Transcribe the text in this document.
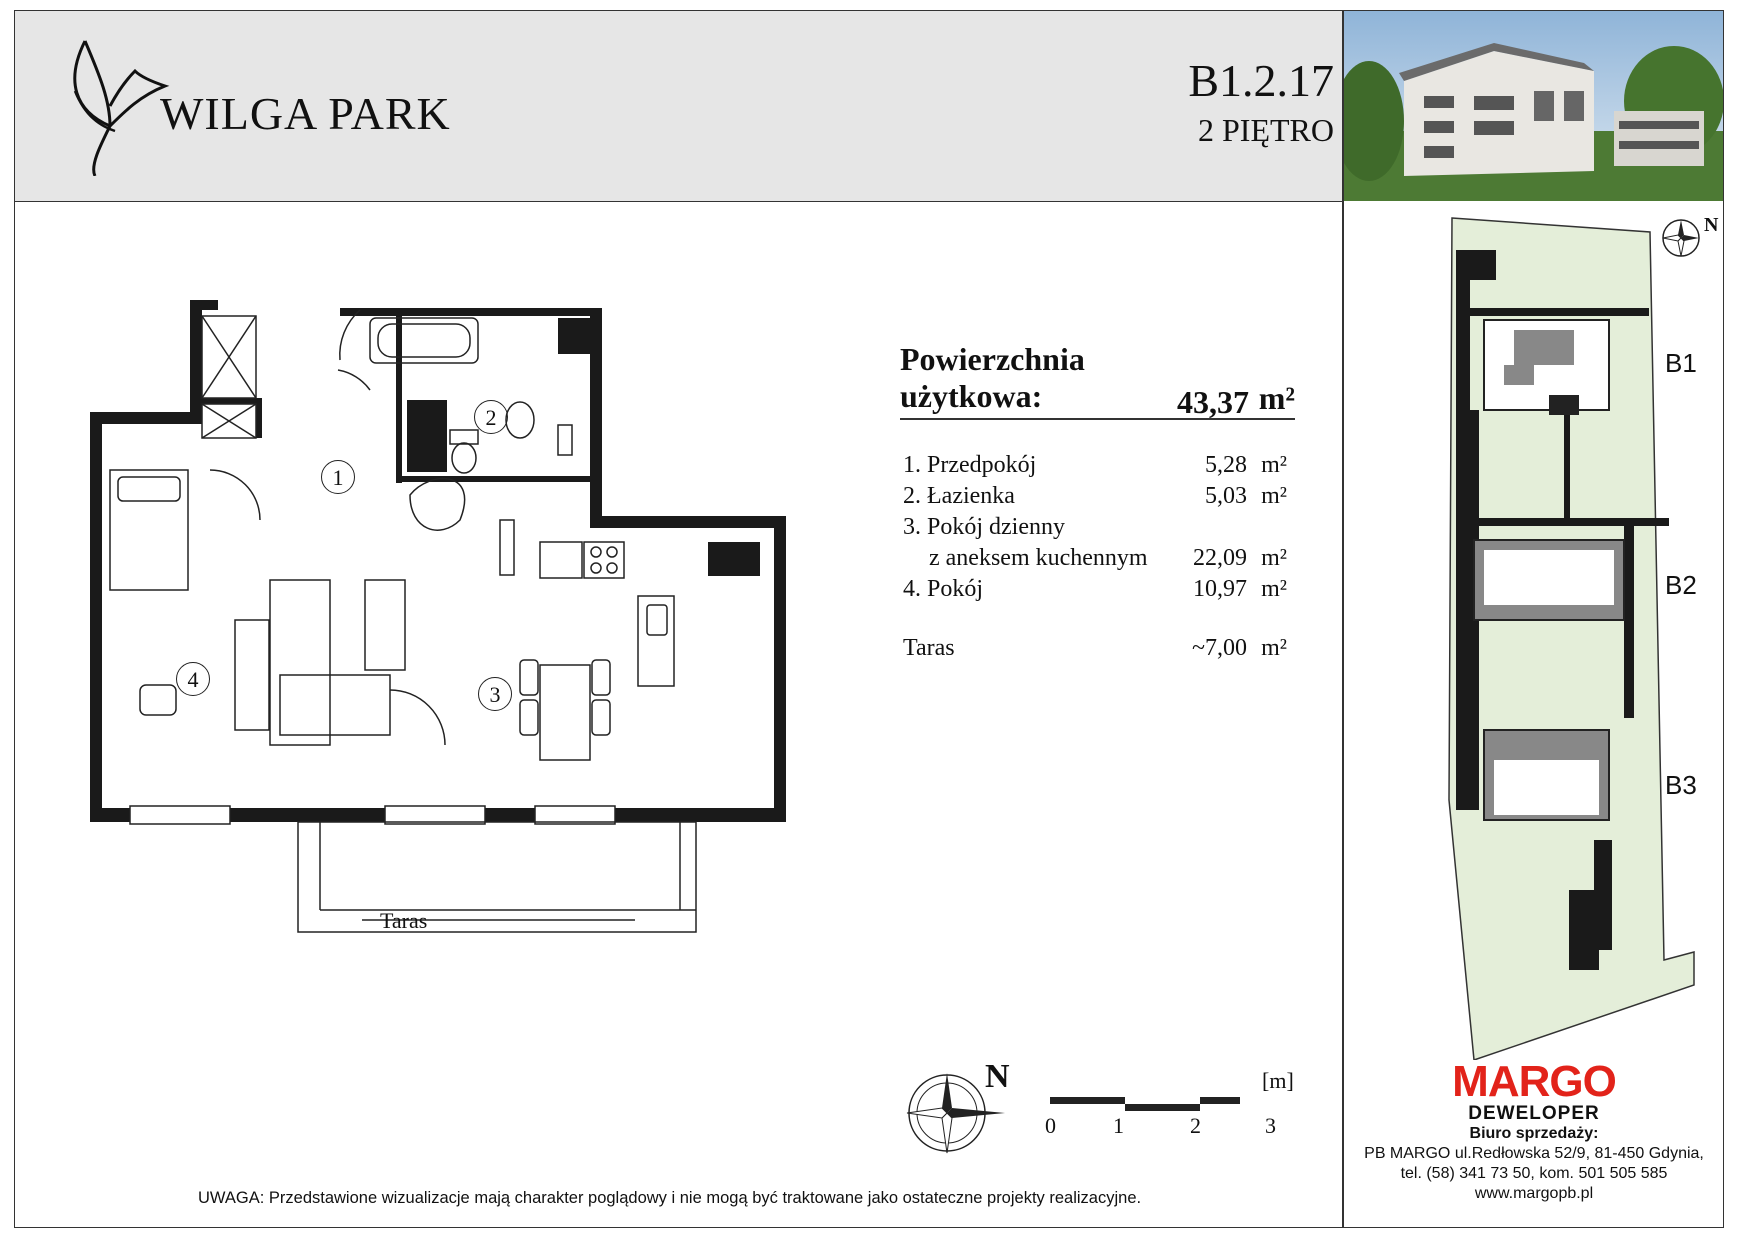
WILGA PARK
B1.2.17
2 PIĘTRO
1
2
3
4
Taras
Powierzchnia
użytkowa:	43,37 m²
1. Przedpokój	5,28 m²
2. Łazienka	5,03 m²
3. Pokój dzienny
z aneksem kuchennym 22,09 m²
4. Pokój	10,97 m²
Taras	~7,00 m²
N	[m]
0	1	2	3
N
B1
B2
B3
MARGO
DEWELOPER
Biuro sprzedaży:
PB MARGO ul.Redłowska 52/9, 81-450 Gdynia,
tel. (58) 341 73 50, kom. 501 505 585
www.margopb.pl
UWAGA: Przedstawione wizualizacje mają charakter poglądowy i nie mogą być traktowane jako ostateczne projekty realizacyjne.
